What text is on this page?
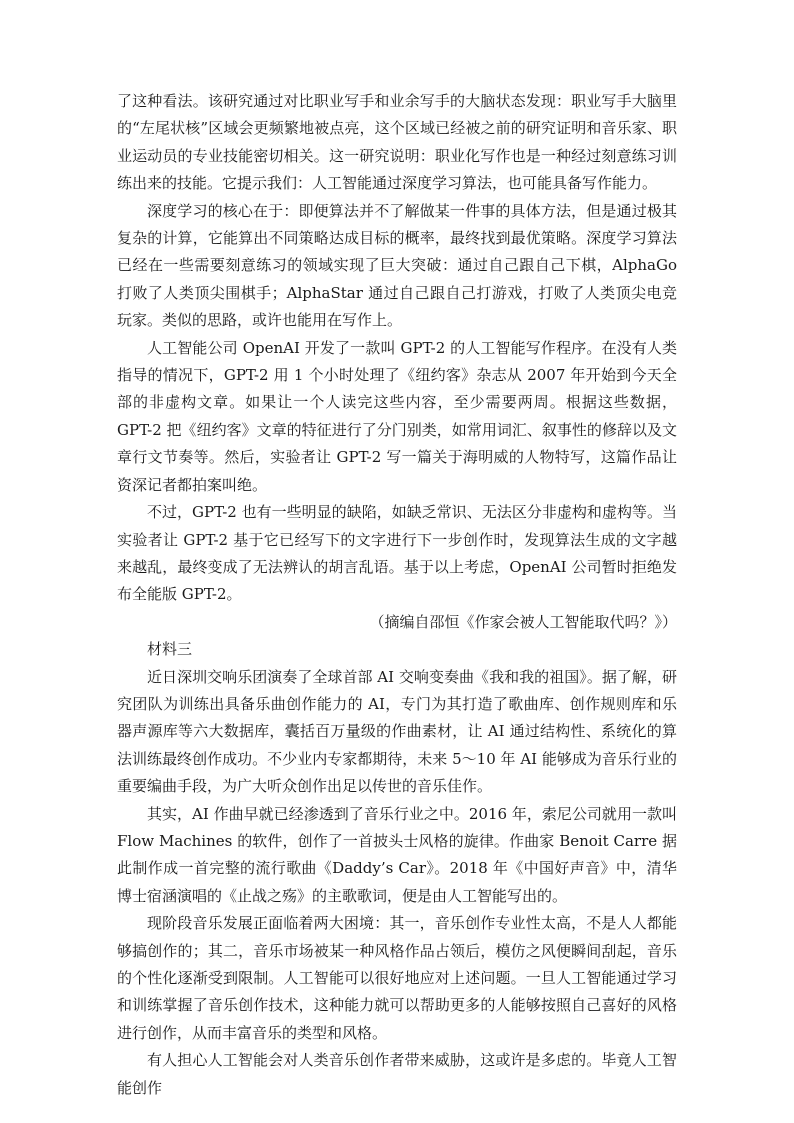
了这种看法。该研究通过对比职业写手和业余写手的大脑状态发现：职业写手大脑里的“左尾状核”区域会更频繁地被点亮，这个区域已经被之前的研究证明和音乐家、职业运动员的专业技能密切相关。这一研究说明：职业化写作也是一种经过刻意练习训练出来的技能。它提示我们：人工智能通过深度学习算法，也可能具备写作能力。

深度学习的核心在于：即便算法并不了解做某一件事的具体方法，但是通过极其复杂的计算，它能算出不同策略达成目标的概率，最终找到最优策略。深度学习算法已经在一些需要刻意练习的领域实现了巨大突破：通过自己跟自己下棋，AlphaGo 打败了人类顶尖围棋手；AlphaStar 通过自己跟自己打游戏，打败了人类顶尖电竞玩家。类似的思路，或许也能用在写作上。

人工智能公司 OpenAI 开发了一款叫 GPT-2 的人工智能写作程序。在没有人类指导的情况下，GPT-2 用 1 个小时处理了《纽约客》杂志从 2007 年开始到今天全部的非虚构文章。如果让一个人读完这些内容，至少需要两周。根据这些数据，GPT-2 把《纽约客》文章的特征进行了分门别类，如常用词汇、叙事性的修辞以及文章行文节奏等。然后，实验者让 GPT-2 写一篇关于海明威的人物特写，这篇作品让资深记者都拍案叫绝。

不过，GPT-2 也有一些明显的缺陷，如缺乏常识、无法区分非虚构和虚构等。当实验者让 GPT-2 基于它已经写下的文字进行下一步创作时，发现算法生成的文字越来越乱，最终变成了无法辨认的胡言乱语。基于以上考虑，OpenAI 公司暂时拒绝发布全能版 GPT-2。

（摘编自邵恒《作家会被人工智能取代吗？》）

材料三

近日深圳交响乐团演奏了全球首部 AI 交响变奏曲《我和我的祖国》。据了解，研究团队为训练出具备乐曲创作能力的 AI，专门为其打造了歌曲库、创作规则库和乐器声源库等六大数据库，囊括百万量级的作曲素材，让 AI 通过结构性、系统化的算法训练最终创作成功。不少业内专家都期待，未来 5～10 年 AI 能够成为音乐行业的重要编曲手段，为广大听众创作出足以传世的音乐佳作。

其实，AI 作曲早就已经渗透到了音乐行业之中。2016 年，索尼公司就用一款叫 Flow Machines 的软件，创作了一首披头士风格的旋律。作曲家 Benoit Carre 据此制作成一首完整的流行歌曲《Daddy’s Car》。2018 年《中国好声音》中，清华博士宿涵演唱的《止战之殇》的主歌歌词，便是由人工智能写出的。

现阶段音乐发展正面临着两大困境：其一，音乐创作专业性太高，不是人人都能够搞创作的；其二，音乐市场被某一种风格作品占领后，模仿之风便瞬间刮起，音乐的个性化逐渐受到限制。人工智能可以很好地应对上述问题。一旦人工智能通过学习和训练掌握了音乐创作技术，这种能力就可以帮助更多的人能够按照自己喜好的风格进行创作，从而丰富音乐的类型和风格。

有人担心人工智能会对人类音乐创作者带来威胁，这或许是多虑的。毕竟人工智能创作
